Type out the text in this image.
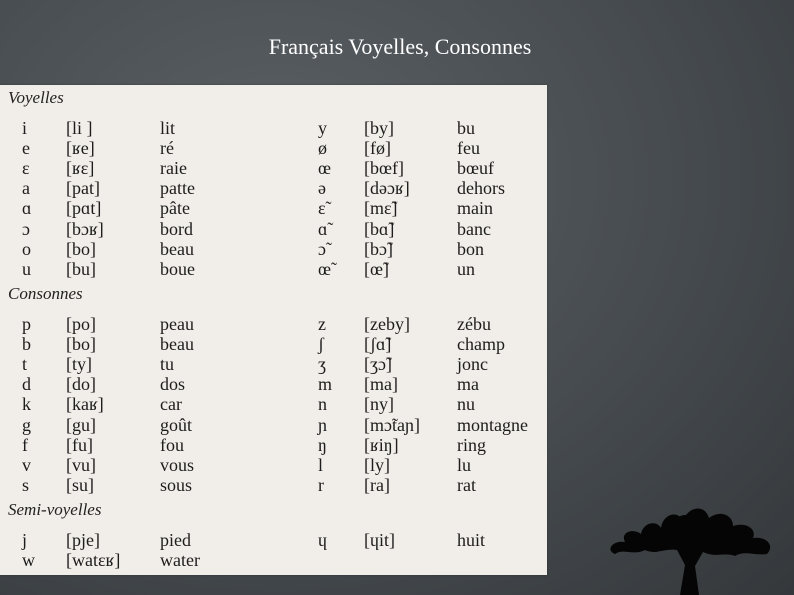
Français Voyelles, Consonnes
Voyelles
i [li ]	lit	y [by]	bu
e [ʁe]	ré	ø [fø]	feu
ɛ [ʁɛ]	raie	œ [bœf]	bœuf
a [pat]	patte	ə [dəɔʁ]	dehors
ɑ [pɑt]	pâte	ɛ̃ [mɛ̃]	main
ɔ [bɔʁ]	bord	ɑ̃ [bɑ̃]	banc
o [bo]	beau	ɔ̃ [bɔ̃]	bon
u [bu]	boue	œ̃ [œ̃]	un
Consonnes
p [po]	peau	z [zeby]	zébu
b [bo]	beau	ʃ [ʃɑ̃]	champ
t [ty]	tu	ʒ [ʒɔ̃]	jonc
d [do]	dos	m [ma]	ma
k [kaʁ]	car	n [ny]	nu
g [gu]	goût	ɲ [mɔ̃taɲ] montagne
f [fu]	fou	ŋ [ʁiŋ]	ring
v [vu]	vous	l [ly]	lu
s [su]	sous	r [ra]	rat
Semi-voyelles
j [pje]	pied	ɥ [ɥit]	huit
w [watɛʁ] water
